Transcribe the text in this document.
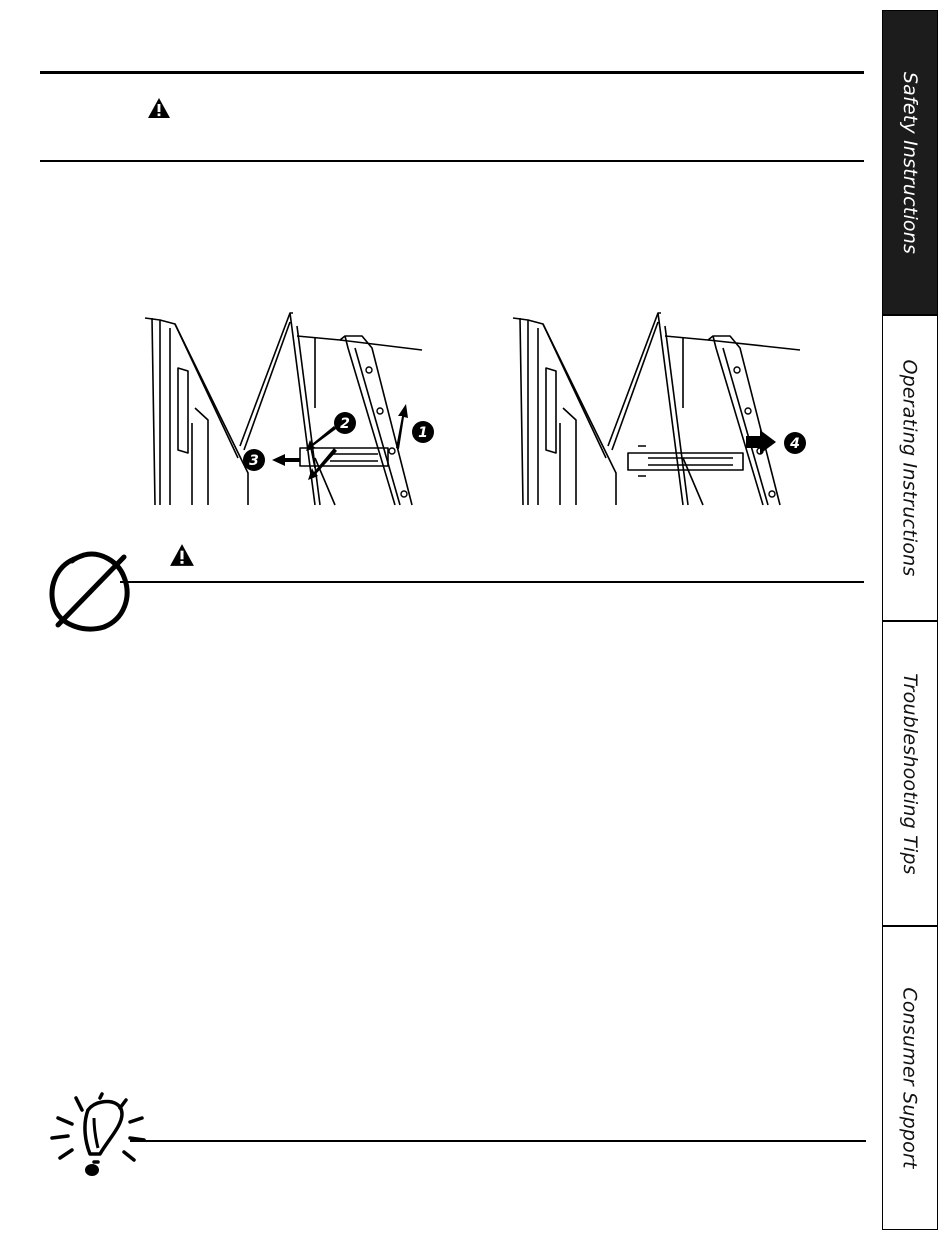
1
2
3
4
Safety Instructions
Operating Instructions
Troubleshooting Tips
Consumer Support
